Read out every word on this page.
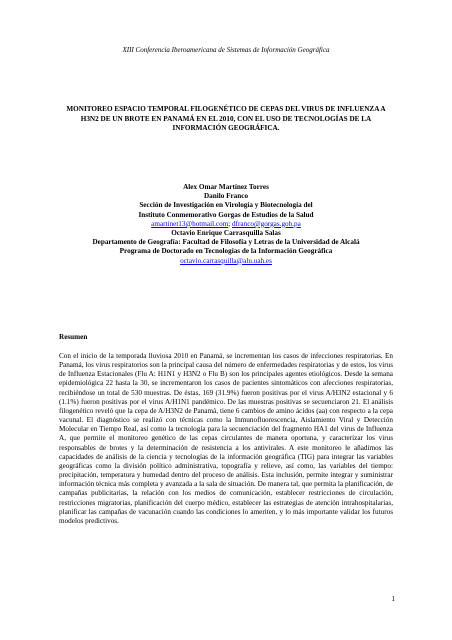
XIII Conferencia Iberoamericana de Sistemas de Información Geográfica
MONITOREO ESPACIO TEMPORAL FILOGENÉTICO DE CEPAS DEL VIRUS DE INFLUENZA A H3N2 DE UN BROTE EN PANAMÁ EN EL 2010, CON EL USO DE TECNOLOGÍAS DE LA INFORMACIÓN GEOGRÁFICA.
Alex Omar Martínez Torres
Danilo Franco
Sección de Investigación en Virología y Biotecnología del
Instituto Conmemorativo Gorgas de Estudios de la Salud
amartinet13@hotmail.com; dfranco@gorgas.gob.pa
Octavio Enrique Carrasquilla Salas
Departamento de Geografía: Facultad de Filosofía y Letras de la Universidad de Alcalá
Programa de Doctorado en Tecnologías de la Información Geográfica
octavio.carrasquilla@alu.uah.es
Resumen
Con el inicio de la temporada lluviosa 2010 en Panamá, se incrementan los casos de infecciones respiratorias. En Panamá, los virus respiratorios son la principal causa del número de enfermedades respiratorias y de estos, los virus de Influenza Estacionales (Flu A: H1N1 y H3N2 o Flu B) son los principales agentes etiológicos. Desde la semana epidemiológica 22 hasta la 30, se incrementaron los casos de pacientes sintomáticos con afecciones respiratorias, recibiéndose un total de 530 muestras. De éstas, 169 (31.9%) fueron positivas por el virus A/H3N2 estacional y 6 (1.1%) fueron positivas por el virus A/H1N1 pandémico. De las muestras positivas se secuenciaron 21. El análisis filogenético reveló que la cepa de A/H3N2 de Panamá, tiene 6 cambios de amino ácidos (aa) con respecto a la cepa vacunal. El diagnóstico se realizó con técnicas como la Inmunofluorescencia, Aislamiento Viral y Detección Molecular en Tiempo Real, así como la tecnología para la secuenciación del fragmento HA1 del virus de Influenza A, que permite el monitoreo genético de las cepas circulantes de manera oportuna, y caracterizar los virus responsables de brotes y la determinación de resistencia a los antivirales. A este monitoreo le añadimos las capacidades de análisis de la ciencia y tecnologías de la información geográfica (TIG) para integrar las variables geográficas como la división político administrativa, topografía y relieve, así como, las variables del tiempo: precipitación, temperatura y humedad dentro del proceso de análisis. Esta inclusión, permite integrar y suministrar información técnica más completa y avanzada a la sala de situación. De manera tal, que permita la planificación, de campañas publicitarias, la relación con los medios de comunicación, establecer restricciones de circulación, restricciones migratorias, planificación del cuerpo médico, establecer las estrategias de atención intrahospitalarias, planificar las campañas de vacunación cuando las condiciones lo ameriten, y lo más importante validar los futuros modelos predictivos.
1
